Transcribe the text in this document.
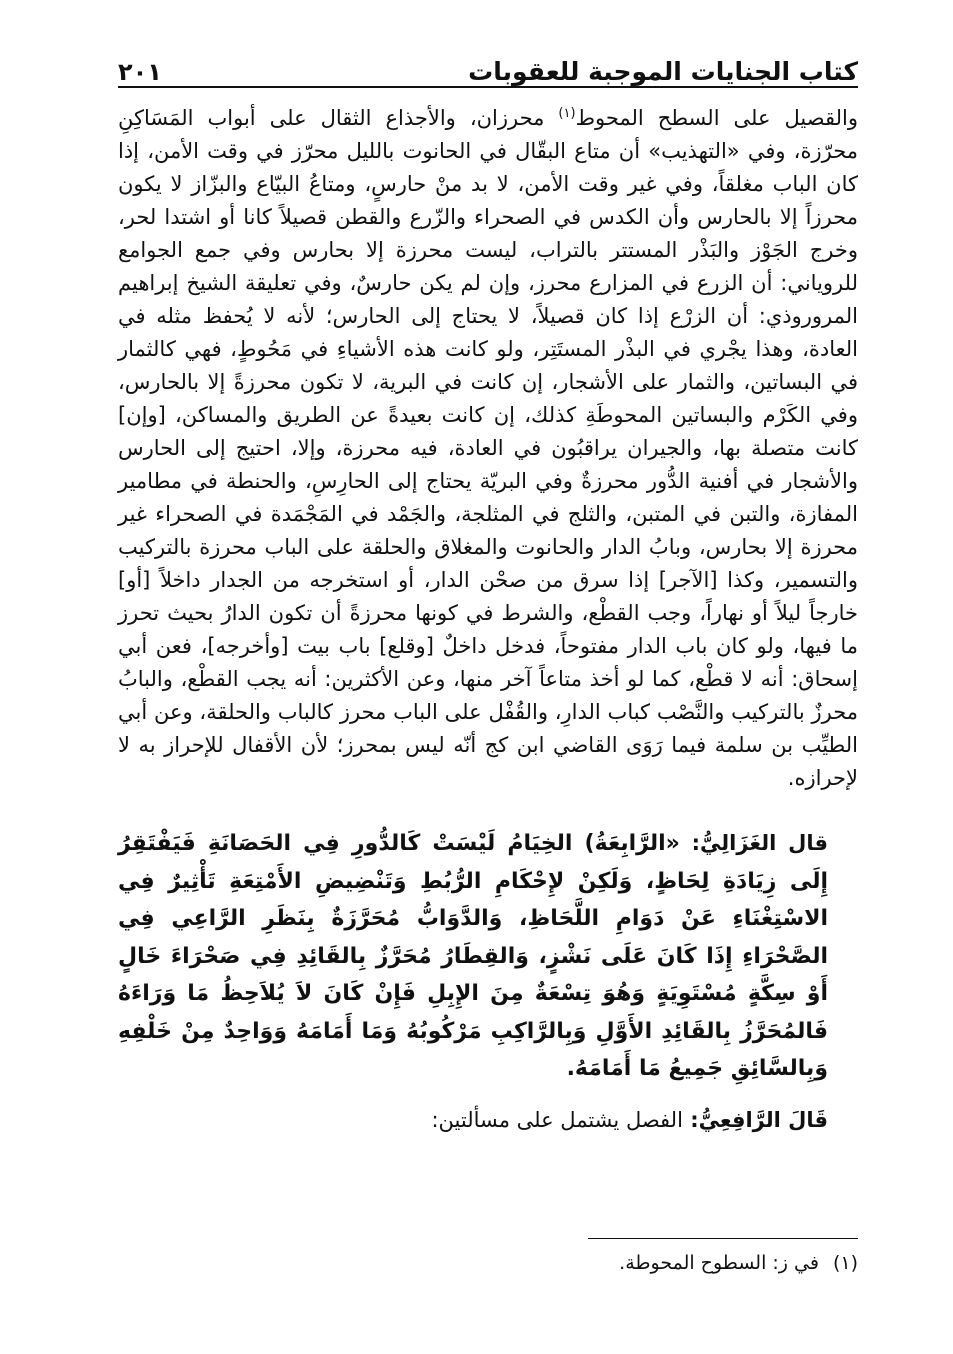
كتاب الجنايات الموجبة للعقوبات
٢٠١

والقصيل على السطح المحوط$^{(١)}$ محرزان، والأجذاع الثقال على أبواب المَسَاكِنِ محرّزة، وفي «التهذيب» أن متاع البقّال في الحانوت بالليل محرّز في وقت الأمن، إذا كان الباب مغلقاً، وفي غير وقت الأمن، لا بد منْ حارسٍ، ومتاعُ البيّاع والبزّاز لا يكون محرزاً إلا بالحارس وأن الكدس في الصحراء والزّرع والقطن قصيلاً كانا أو اشتدا لحر، وخرج الجَوْز والبَذْر المستتر بالتراب، ليست محرزة إلا بحارس وفي جمع الجوامع للروياني: أن الزرع في المزارع محرز، وإن لم يكن حارسٌ، وفي تعليقة الشيخ إبراهيم المروروذي: أن الزرْع إذا كان قصيلاً، لا يحتاج إلى الحارس؛ لأنه لا يُحفظ مثله في العادة، وهذا يجْري في البذْر المستَتِر، ولو كانت هذه الأشياءِ في مَحُوطٍ، فهي كالثمار في البساتين، والثمار على الأشجار، إن كانت في البرية، لا تكون محرزةً إلا بالحارس، وفي الكَرْم والبساتين المحوطَةِ كذلك، إن كانت بعيدةً عن الطريق والمساكن، [وإن] كانت متصلة بها، والجيران يراقبُون في العادة، فيه محرزة، وإلا، احتيج إلى الحارس والأشجار في أفنية الدُّور محرزةٌ وفي البريّة يحتاج إلى الحارِسِ، والحنطة في مطامير المفازة، والتبن في المتبن، والثلج في المثلجة، والجَمْد في المَجْمَدة في الصحراء غير محرزة إلا بحارس، وبابُ الدار والحانوت والمغلاق والحلقة على الباب محرزة بالتركيب والتسمير، وكذا [الآجر] إذا سرق من صحْن الدار، أو استخرجه من الجدار داخلاً [أو] خارجاً ليلاً أو نهاراً، وجب القطْع، والشرط في كونها محرزةً أن تكون الدارُ بحيث تحرز ما فيها، ولو كان باب الدار مفتوحاً، فدخل داخلٌ [وقلع] باب بيت [وأخرجه]، فعن أبي إسحاق: أنه لا قطْع، كما لو أخذ متاعاً آخر منها، وعن الأكثرين: أنه يجب القطْع، والبابُ محرزٌ بالتركيب والنَّصْب كباب الدارِ، والقُفْل على الباب محرز كالباب والحلقة، وعن أبي الطيِّب بن سلمة فيما رَوَى القاضي ابن كج أنّه ليس بمحرز؛ لأن الأقفال للإحراز به لا لإحرازه.

قال الغَزَالِيُّ: «الرَّابِعَةُ) الخِيَامُ لَيْسَتْ كَالدُّورِ فِي الحَصَانَةِ فَيَفْتَقِرُ إِلَى زِيَادَةِ لِحَاظٍ، وَلَكِنْ لإِحْكَامِ الرُّبُطِ وَتَنْضِيضِ الأَمْتِعَةِ تَأْثِيرٌ فِي الاسْتِغْنَاءِ عَنْ دَوَامِ اللَّحَاظِ، وَالدَّوَابُّ مُحَرَّزَةٌ بِنَظَرِ الرَّاعِي فِي الصَّحْرَاءِ إِذَا كَانَ عَلَى نَشْزٍ، وَالقِطَارُ مُحَرَّزٌ بِالقَائِدِ فِي صَحْرَاءَ خَالٍ أَوْ سِكَّةٍ مُسْتَوِيَةٍ وَهُوَ تِسْعَةٌ مِنَ الإِبِلِ فَإِنْ كَانَ لاَ يُلاَحِظُ مَا وَرَاءَهُ فَالمُحَرَّزُ بِالقَائِدِ الأَوَّلِ وَبِالرَّاكِبِ مَرْكُوبُهُ وَمَا أَمَامَهُ وَوَاحِدٌ مِنْ خَلْفِهِ وَبِالسَّائِقِ جَمِيعُ مَا أَمَامَهُ.

قَالَ الرَّافِعِيُّ: الفصل يشتمل على مسألتين:

(١)في ز: السطوح المحوطة.
